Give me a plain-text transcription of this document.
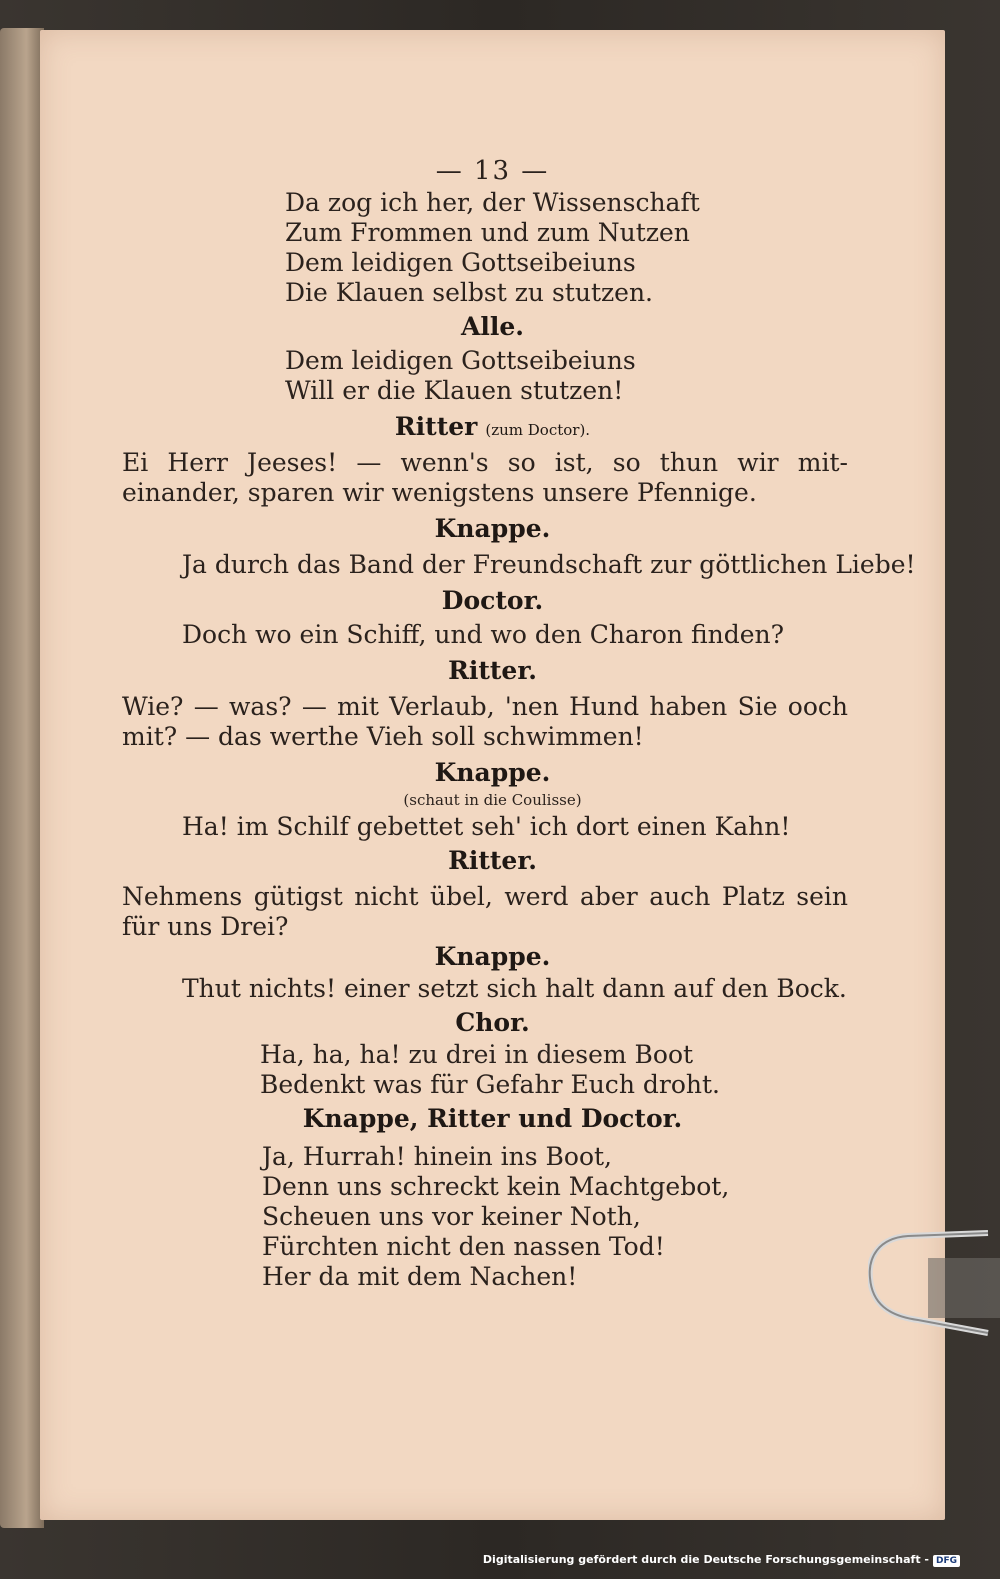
— 13 —
Da zog ich her, der Wissenschaft
Zum Frommen und zum Nutzen
Dem leidigen Gottseibeiuns
Die Klauen selbst zu stutzen.
Alle.
Dem leidigen Gottseibeiuns
Will er die Klauen stutzen!
Ritter (zum Doctor).
Ei Herr Jeeses! — wenn's so ist, so thun wir mit-einander, sparen wir wenigstens unsere Pfennige.
Knappe.
Ja durch das Band der Freundschaft zur göttlichen Liebe!
Doctor.
Doch wo ein Schiff, und wo den Charon finden?
Ritter.
Wie? — was? — mit Verlaub, 'nen Hund haben Sie ooch mit? — das werthe Vieh soll schwimmen!
Knappe.
(schaut in die Coulisse)
Ha! im Schilf gebettet seh' ich dort einen Kahn!
Ritter.
Nehmens gütigst nicht übel, werd aber auch Platz sein für uns Drei?
Knappe.
Thut nichts! einer setzt sich halt dann auf den Bock.
Chor.
Ha, ha, ha! zu drei in diesem Boot
Bedenkt was für Gefahr Euch droht.
Knappe, Ritter und Doctor.
Ja, Hurrah! hinein ins Boot,
Denn uns schreckt kein Machtgebot,
Scheuen uns vor keiner Noth,
Fürchten nicht den nassen Tod!
Her da mit dem Nachen!
Digitalisierung gefördert durch die Deutsche Forschungsgemeinschaft - DFG
